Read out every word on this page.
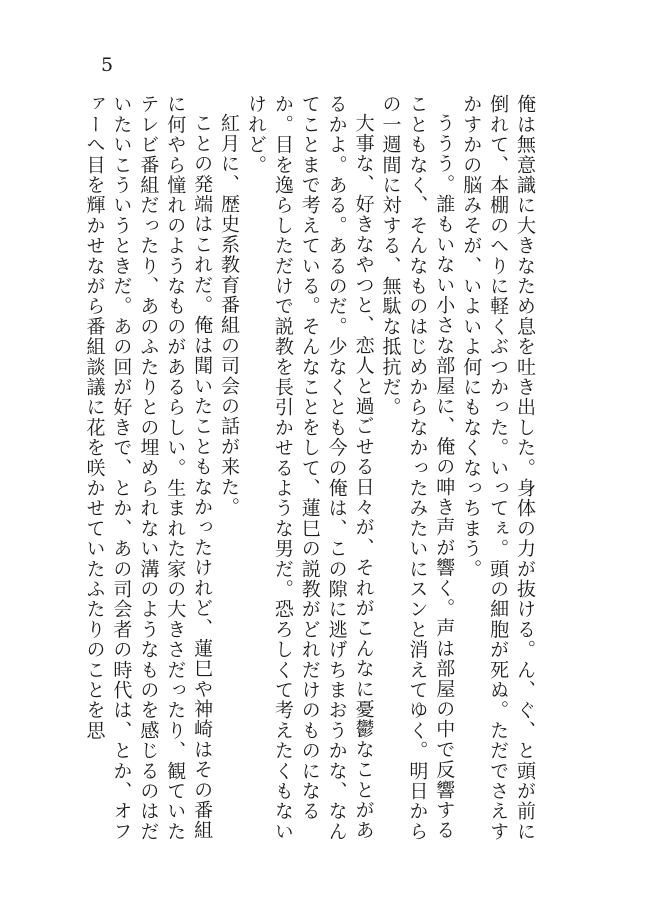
5

俺は無意識に大きなため息を吐き出した。身体の力が抜ける。ん、ぐ、と頭が前に倒れて、本棚のへりに軽くぶつかった。いってぇ。頭の細胞が死ぬ。ただでさえすかすかの脳みそが、いよいよ何にもなくなっちまう。

ううう。誰もいない小さな部屋に、俺の呻き声が響く。声は部屋の中で反響することもなく、そんなものはじめからなかったみたいにスンと消えてゆく。明日からの一週間に対する、無駄な抵抗だ。

大事な、好きなやつと、恋人と過ごせる日々が、それがこんなに憂鬱なことがあるかよ。ある。あるのだ。少なくとも今の俺は、この隙に逃げちまおうかな、なんてことまで考えている。そんなことをして、蓮巳の説教がどれだけのものになるか。目を逸らしただけで説教を長引かせるような男だ。恐ろしくて考えたくもないけれど。

紅月に、歴史系教育番組の司会の話が来た。

ことの発端はこれだ。俺は聞いたこともなかったけれど、蓮巳や神崎はその番組に何やら憧れのようなものがあるらしい。生まれた家の大きさだったり、観ていたテレビ番組だったり、あのふたりとの埋められない溝のようなものを感じるのはだいたいこういうときだ。あの回が好きで、とか、あの司会者の時代は、とか、オファーへ目を輝かせながら番組談議に花を咲かせていたふたりのことを思
